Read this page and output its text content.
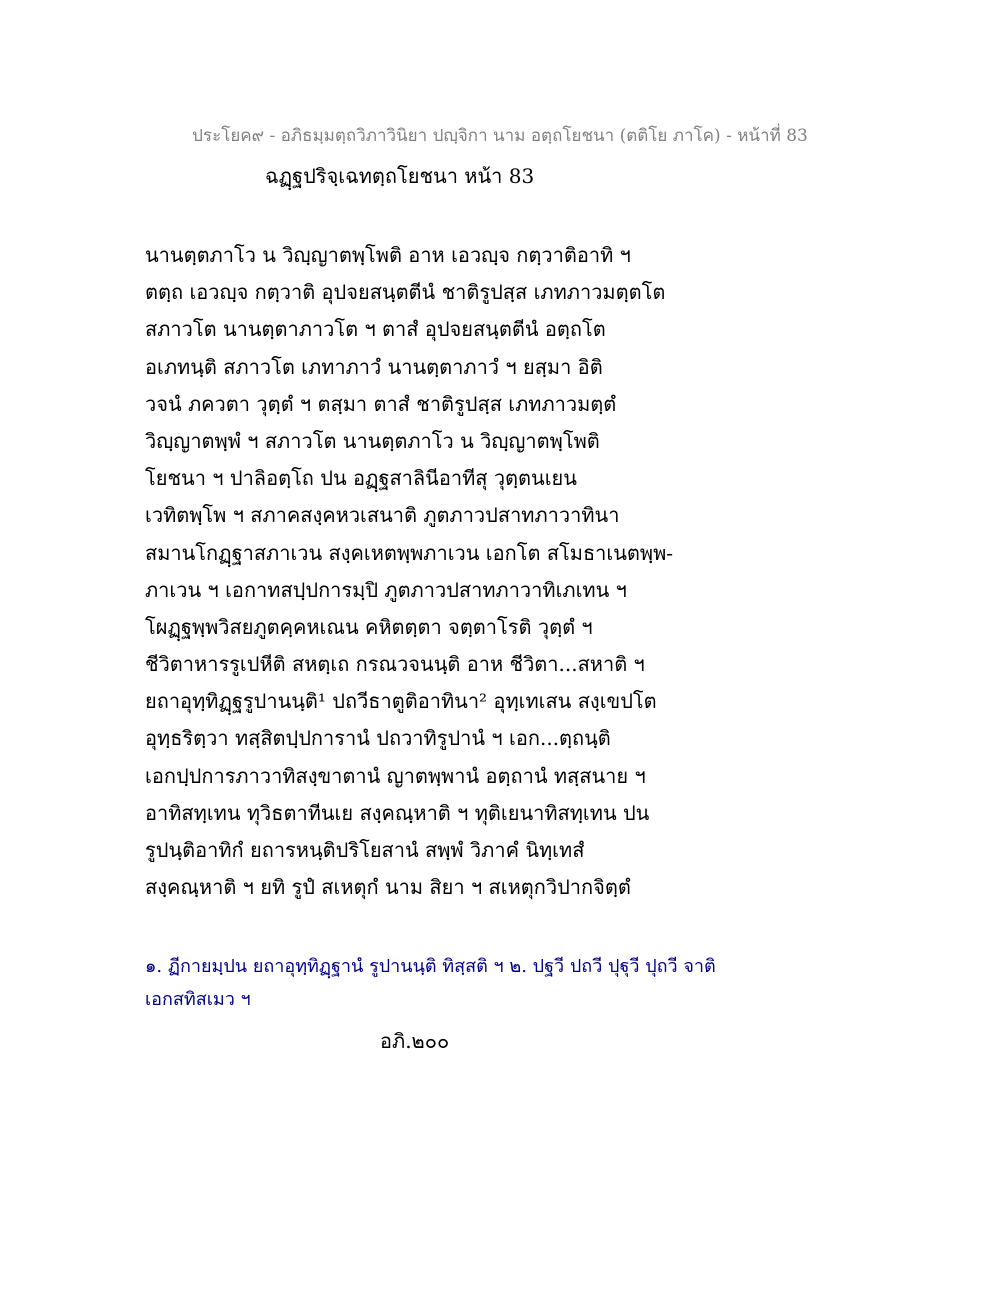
ประโยค๙ - อภิธมฺมตฺถวิภาวินิยา ปญฺจิกา นาม อตฺถโยชนา (ตติโย ภาโค) - หน้าที่ 83
ฉฏฺฐปริจฺเฉทตฺถโยชนา หน้า 83
นานตฺตภาโว น วิญฺญาตพฺโพติ อาห เอวญฺจ กตฺวาติอาทิ ฯ
ตตฺถ เอวญฺจ กตฺวาติ อุปจยสนฺตตีนํ ชาติรูปสฺส เภทภาวมตฺตโต
สภาวโต นานตฺตาภาวโต ฯ ตาสํ อุปจยสนฺตตีนํ อตฺถโต
อเภทนฺติ สภาวโต เภทาภาวํ นานตฺตาภาวํ ฯ ยสฺมา อิติ
วจนํ ภควตา วุตฺตํ ฯ ตสฺมา ตาสํ ชาติรูปสฺส เภทภาวมตฺตํ
วิญฺญาตพฺพํ ฯ สภาวโต นานตฺตภาโว น วิญฺญาตพฺโพติ
โยชนา ฯ ปาลิอตฺโถ ปน อฏฺฐสาลินีอาทีสุ วุตฺตนเยน
เวทิตพฺโพ ฯ สภาคสงฺคหวเสนาติ ภูตภาวปสาทภาวาทินา
สมานโกฏฺฐาสภาเวน สงฺคเหตพฺพภาเวน เอกโต สโมธาเนตพฺพ-
ภาเวน ฯ เอกาทสปฺปการมฺปิ ภูตภาวปสาทภาวาทิเภเทน ฯ
โผฏฺฐพฺพวิสยภูตคฺคหเณน คหิตตฺตา จตฺตาโรติ วุตฺตํ ฯ
ชีวิตาหารรูเปหีติ สหตฺเถ กรณวจนนฺติ อาห ชีวิตา...สหาติ ฯ
ยถาอุทฺทิฏฺฐรูปานนฺติ¹ ปถวีธาตูติอาทินา² อุทฺเทเสน สงฺเขปโต
อุทฺธริตฺวา ทสฺสิตปฺปการานํ ปถวาทิรูปานํ ฯ เอก...ตฺถนฺติ
เอกปฺปการภาวาทิสงฺขาตานํ ญาตพฺพานํ อตฺถานํ ทสฺสนาย ฯ
อาทิสทฺเทน ทุวิธตาทีนเย สงฺคณฺหาติ ฯ ทุติเยนาทิสทฺเทน ปน
รูปนฺติอาทิกํ ยถารหนฺติปริโยสานํ สพฺพํ วิภาคํ นิทฺเทสํ
สงฺคณฺหาติ ฯ ยทิ รูปํ สเหตุกํ นาม สิยา ฯ สเหตุกวิปากจิตฺตํ
๑. ฏีกายมฺปน ยถาอุทฺทิฏฺฐานํ รูปานนฺติ ทิสฺสติ ฯ ๒. ปฐวี ปถวี ปุฐุวี ปุถวี จาติ
เอกสทิสเมว ฯ
อภิ.๒๐๐
